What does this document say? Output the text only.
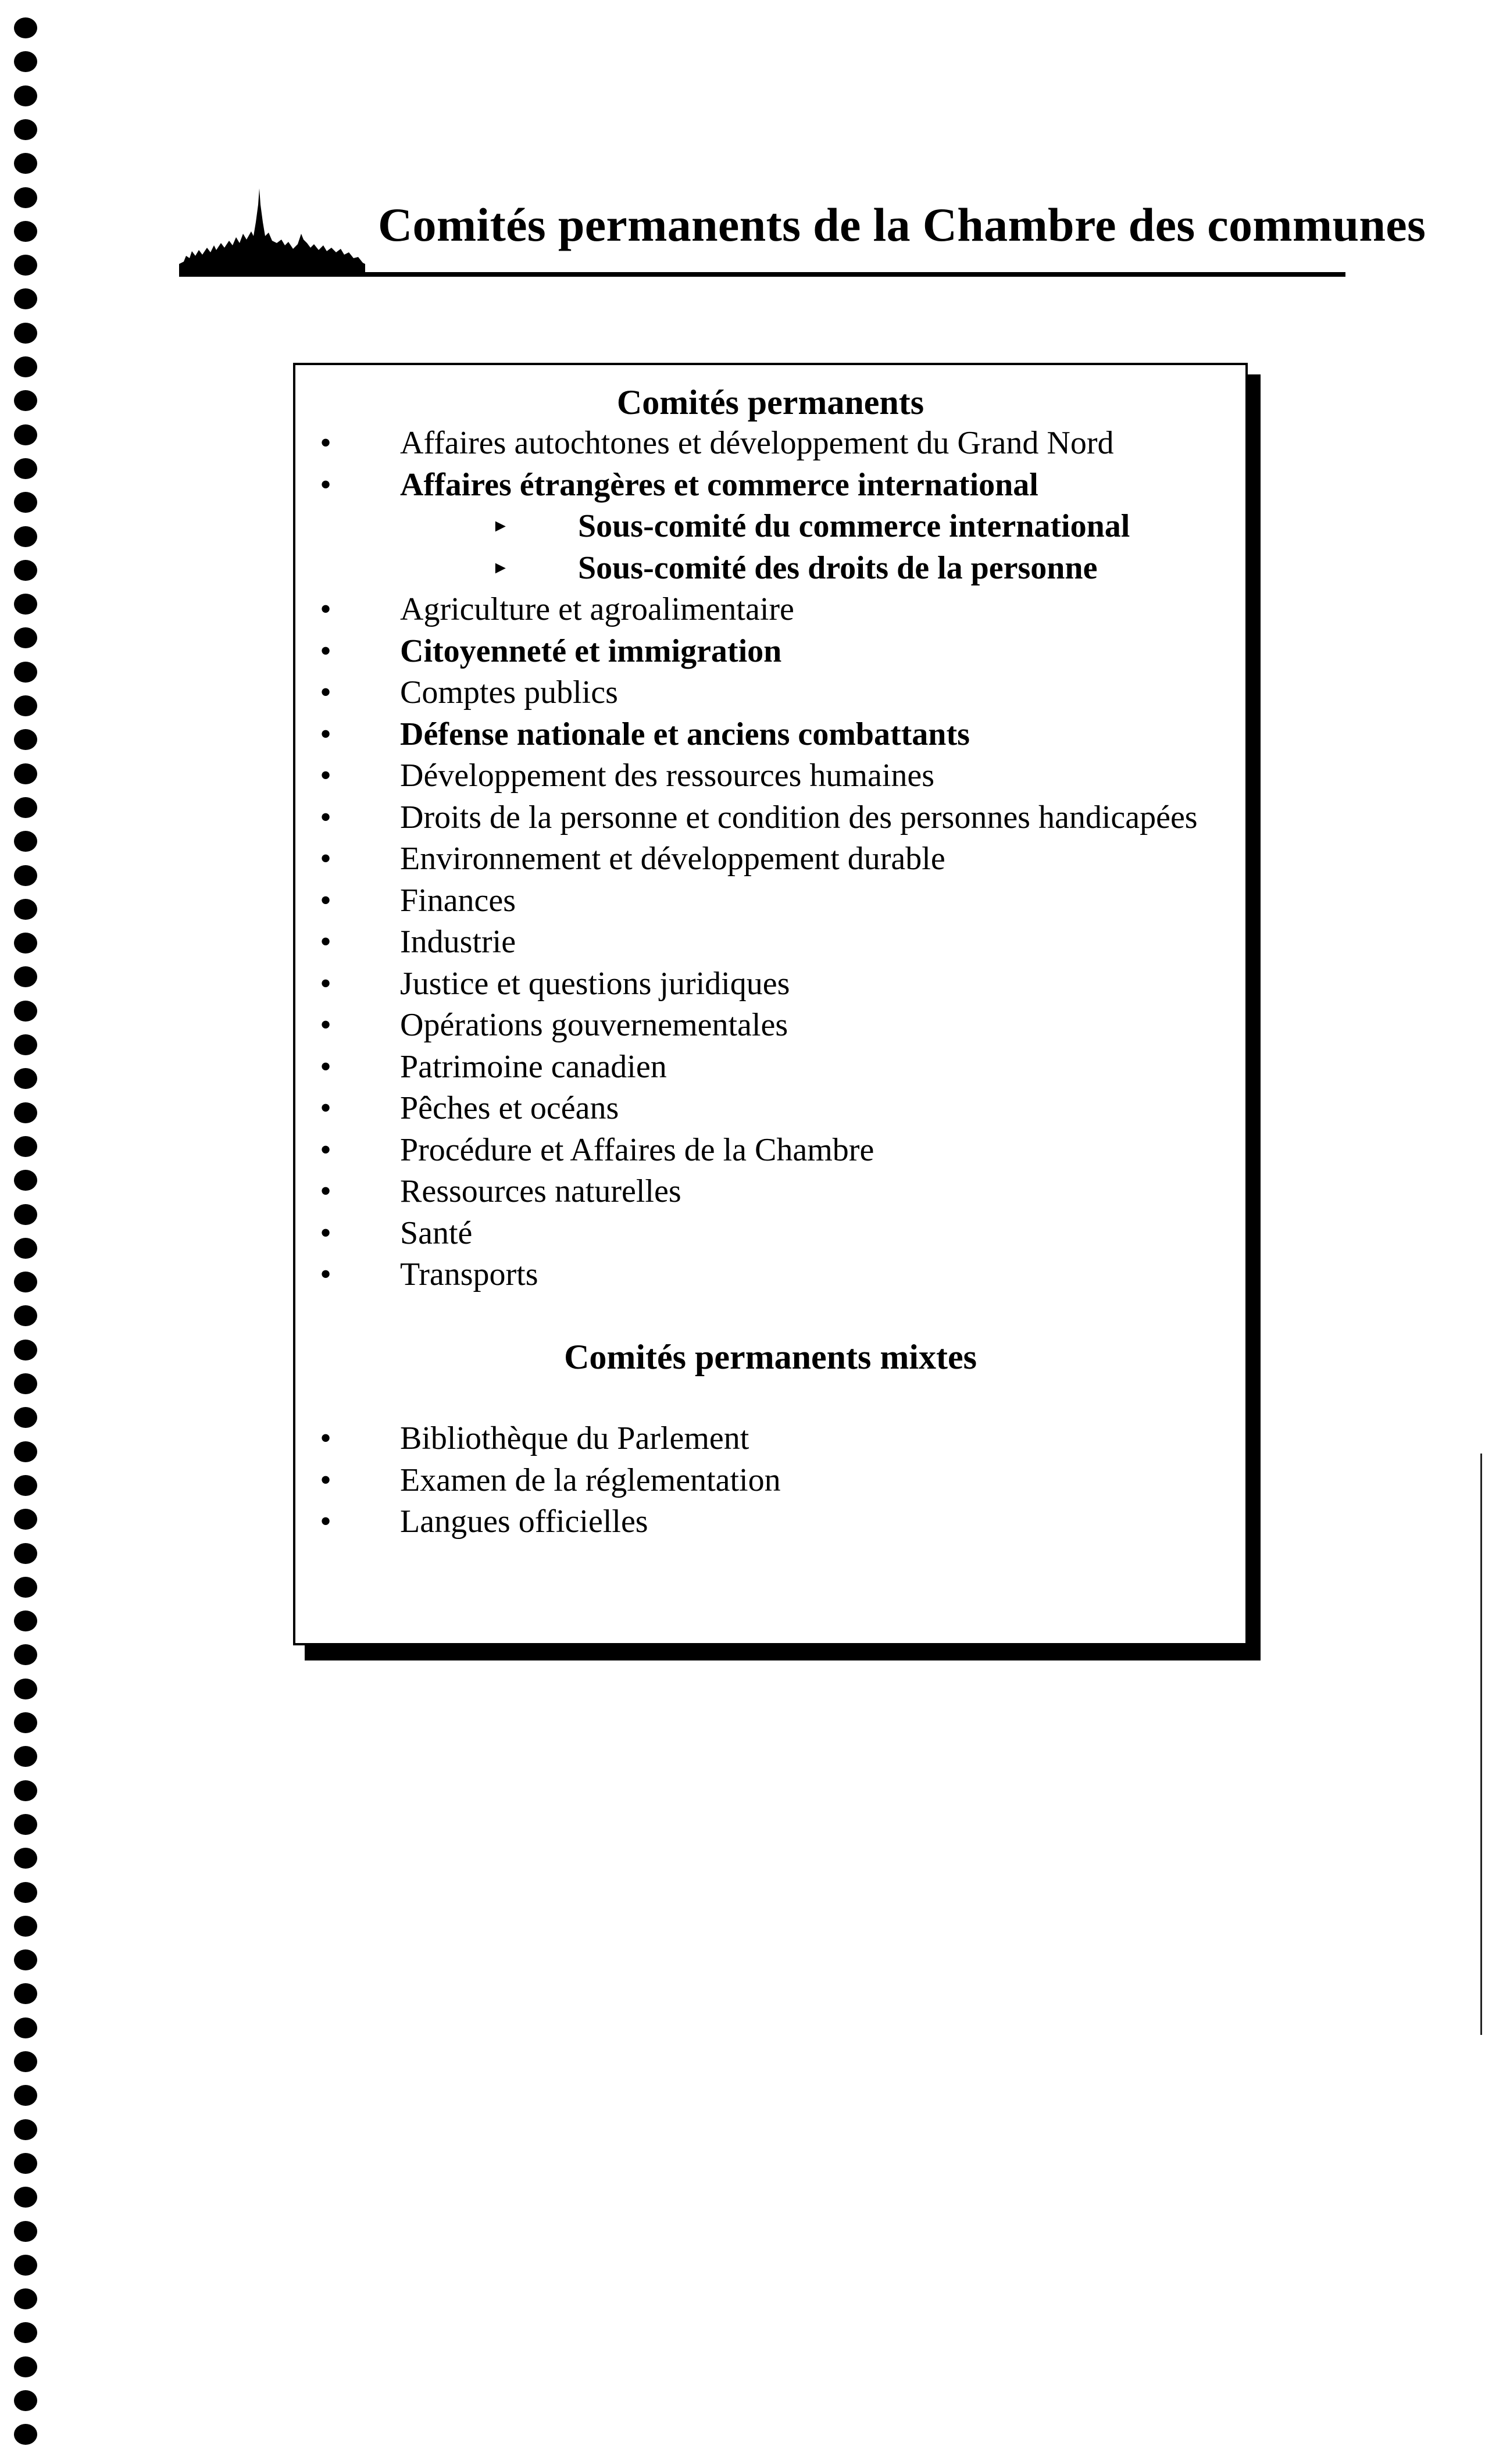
Comités permanents de la Chambre des communes
Comités permanents
• Affaires autochtones et développement du Grand Nord
• Affaires étrangères et commerce international
► Sous-comité du commerce international
► Sous-comité des droits de la personne
• Agriculture et agroalimentaire
• Citoyenneté et immigration
• Comptes publics
• Défense nationale et anciens combattants
• Développement des ressources humaines
• Droits de la personne et condition des personnes handicapées
• Environnement et développement durable
• Finances
• Industrie
• Justice et questions juridiques
• Opérations gouvernementales
• Patrimoine canadien
• Pêches et océans
• Procédure et Affaires de la Chambre
• Ressources naturelles
• Santé
• Transports
Comités permanents mixtes
• Bibliothèque du Parlement
• Examen de la réglementation
• Langues officielles
